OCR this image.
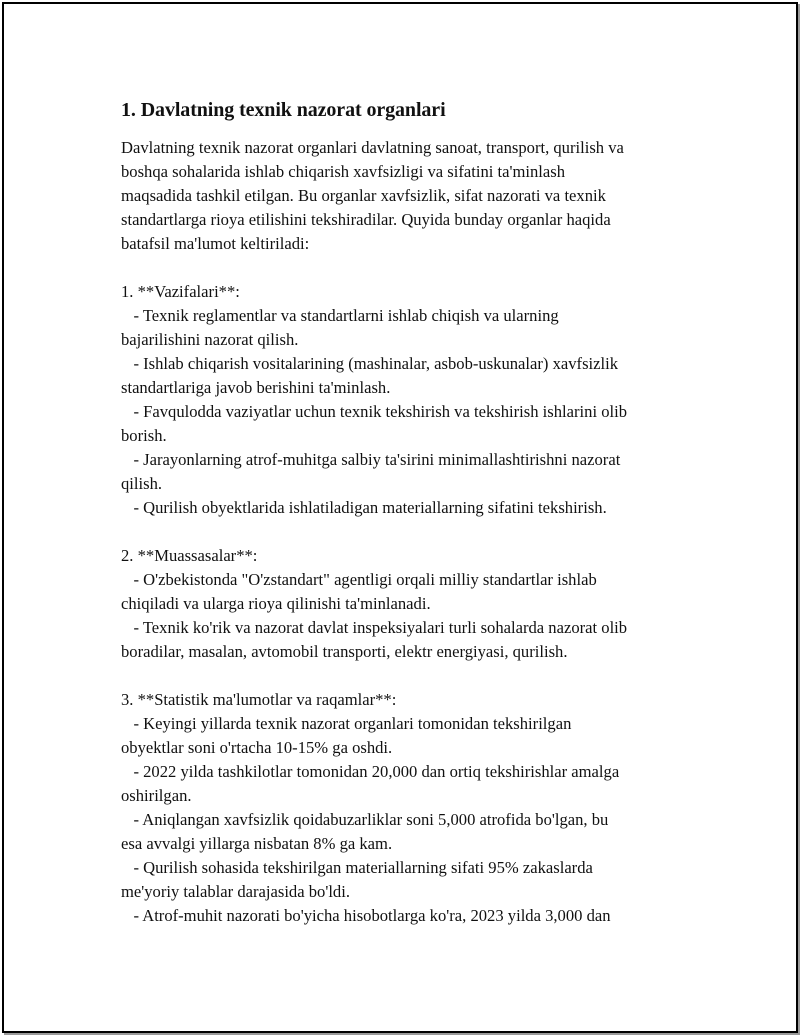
1. Davlatning texnik nazorat organlari

Davlatning texnik nazorat organlari davlatning sanoat, transport, qurilish va
boshqa sohalarida ishlab chiqarish xavfsizligi va sifatini ta'minlash
maqsadida tashkil etilgan. Bu organlar xavfsizlik, sifat nazorati va texnik
standartlarga rioya etilishini tekshiradilar. Quyida bunday organlar haqida
batafsil ma'lumot keltiriladi:

1. **Vazifalari**:
- Texnik reglamentlar va standartlarni ishlab chiqish va ularning
bajarilishini nazorat qilish.
- Ishlab chiqarish vositalarining (mashinalar, asbob-uskunalar) xavfsizlik
standartlariga javob berishini ta'minlash.
- Favqulodda vaziyatlar uchun texnik tekshirish va tekshirish ishlarini olib
borish.
- Jarayonlarning atrof-muhitga salbiy ta'sirini minimallashtirishni nazorat
qilish.
- Qurilish obyektlarida ishlatiladigan materiallarning sifatini tekshirish.

2. **Muassasalar**:
- O'zbekistonda "O'zstandart" agentligi orqali milliy standartlar ishlab
chiqiladi va ularga rioya qilinishi ta'minlanadi.
- Texnik ko'rik va nazorat davlat inspeksiyalari turli sohalarda nazorat olib
boradilar, masalan, avtomobil transporti, elektr energiyasi, qurilish.

3. **Statistik ma'lumotlar va raqamlar**:
- Keyingi yillarda texnik nazorat organlari tomonidan tekshirilgan
obyektlar soni o'rtacha 10-15% ga oshdi.
- 2022 yilda tashkilotlar tomonidan 20,000 dan ortiq tekshirishlar amalga
oshirilgan.
- Aniqlangan xavfsizlik qoidabuzarliklar soni 5,000 atrofida bo'lgan, bu
esa avvalgi yillarga nisbatan 8% ga kam.
- Qurilish sohasida tekshirilgan materiallarning sifati 95% zakaslarda
me'yoriy talablar darajasida bo'ldi.
- Atrof-muhit nazorati bo'yicha hisobotlarga ko'ra, 2023 yilda 3,000 dan
